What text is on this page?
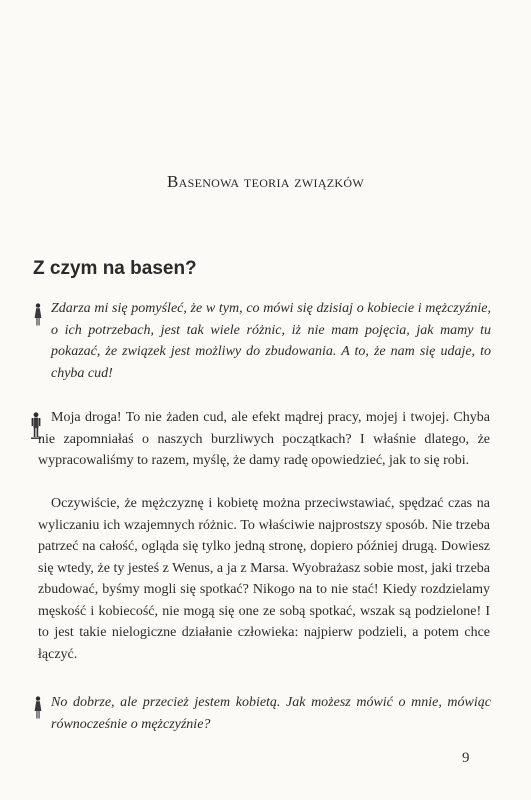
Basenowa teoria związków
Z czym na basen?

Zdarza mi się pomyśleć, że w tym, co mówi się dzisiaj o kobiecie i mężczyźnie, o ich potrzebach, jest tak wiele różnic, iż nie mam pojęcia, jak mamy tu pokazać, że związek jest możliwy do zbudowania. A to, że nam się udaje, to chyba cud!

Moja droga! To nie żaden cud, ale efekt mądrej pracy, mojej i twojej. Chyba nie zapomniałaś o naszych burzliwych początkach? I właśnie dlatego, że wypracowaliśmy to razem, myślę, że damy radę opowiedzieć, jak to się robi.

Oczywiście, że mężczyznę i kobietę można przeciwstawiać, spędzać czas na wyliczaniu ich wzajemnych różnic. To właściwie najprostszy sposób. Nie trzeba patrzeć na całość, ogląda się tylko jedną stronę, dopiero później drugą. Dowiesz się wtedy, że ty jesteś z Wenus, a ja z Marsa. Wyobrażasz sobie most, jaki trzeba zbudować, byśmy mogli się spotkać? Nikogo na to nie stać! Kiedy rozdzielamy męskość i kobiecość, nie mogą się one ze sobą spotkać, wszak są podzielone! I to jest takie nielogiczne działanie człowieka: najpierw podzieli, a potem chce łączyć.

No dobrze, ale przecież jestem kobietą. Jak możesz mówić o mnie, mówiąc równocześnie o mężczyźnie?

9
